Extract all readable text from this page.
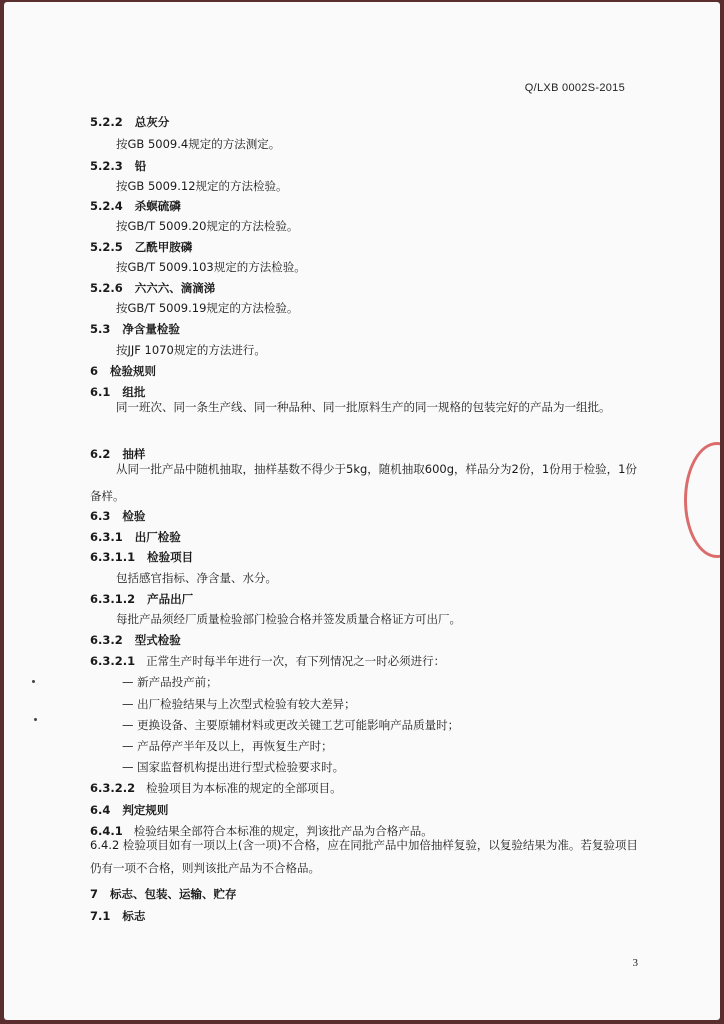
Q/LXB 0002S-2015
5.2.2 总灰分
按GB 5009.4规定的方法测定。
5.2.3 铅
按GB 5009.12规定的方法检验。
5.2.4 杀螟硫磷
按GB/T 5009.20规定的方法检验。
5.2.5 乙酰甲胺磷
按GB/T 5009.103规定的方法检验。
5.2.6 六六六、滴滴涕
按GB/T 5009.19规定的方法检验。
5.3 净含量检验
按JJF 1070规定的方法进行。
6 检验规则
6.1 组批
同一班次、同一条生产线、同一种品种、同一批原料生产的同一规格的包装完好的产品为一组批。
6.2 抽样
从同一批产品中随机抽取，抽样基数不得少于5kg，随机抽取600g，样品分为2份，1份用于检验，1份备样。
6.3 检验
6.3.1 出厂检验
6.3.1.1 检验项目
包括感官指标、净含量、水分。
6.3.1.2 产品出厂
每批产品须经厂质量检验部门检验合格并签发质量合格证方可出厂。
6.3.2 型式检验
6.3.2.1 正常生产时每半年进行一次，有下列情况之一时必须进行：
— 新产品投产前；
— 出厂检验结果与上次型式检验有较大差异；
— 更换设备、主要原辅材料或更改关键工艺可能影响产品质量时；
— 产品停产半年及以上，再恢复生产时；
— 国家监督机构提出进行型式检验要求时。
6.3.2.2 检验项目为本标准的规定的全部项目。
6.4 判定规则
6.4.1 检验结果全部符合本标准的规定，判该批产品为合格产品。
6.4.2 检验项目如有一项以上(含一项)不合格，应在同批产品中加倍抽样复验，以复验结果为准。若复验项目仍有一项不合格，则判该批产品为不合格品。
7 标志、包装、运输、贮存
7.1 标志
3
